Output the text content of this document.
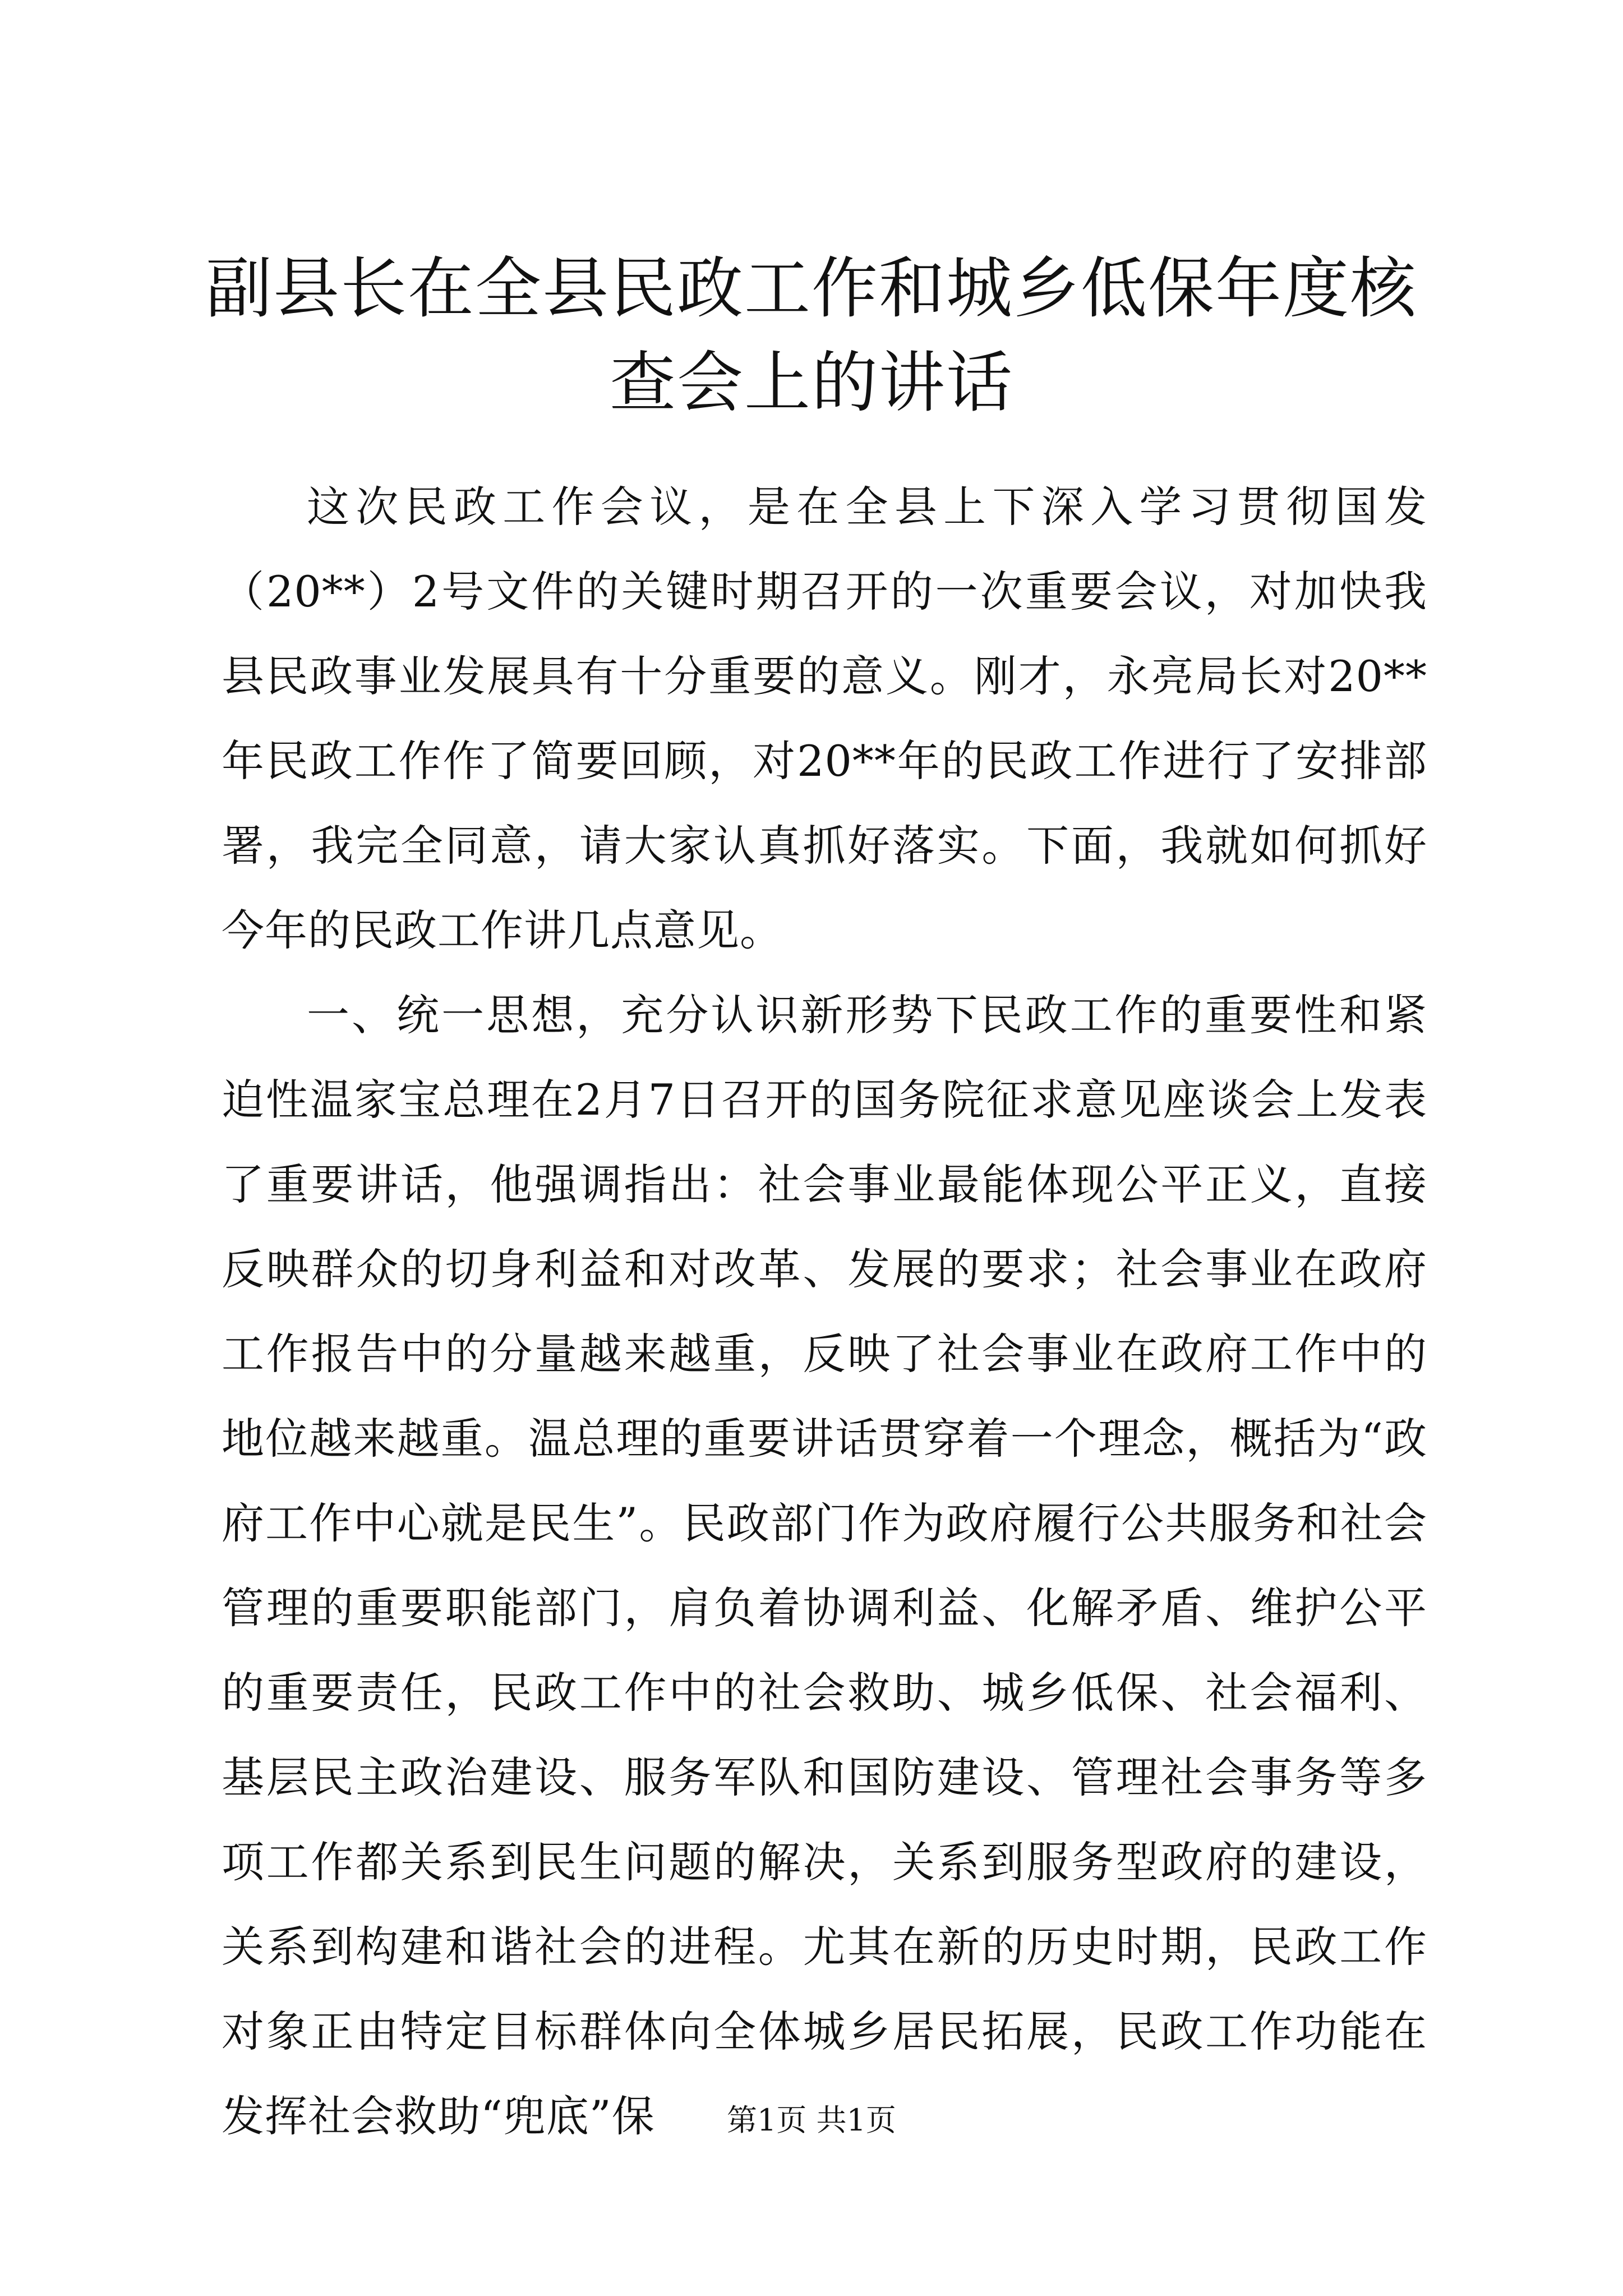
副县长在全县民政工作和城乡低保年度核查会上的讲话

这次民政工作会议，是在全县上下深入学习贯彻国发（20**）2号文件的关键时期召开的一次重要会议，对加快我县民政事业发展具有十分重要的意义。刚才，永亮局长对20**年民政工作作了简要回顾，对20**年的民政工作进行了安排部署，我完全同意，请大家认真抓好落实。下面，我就如何抓好今年的民政工作讲几点意见。

一、统一思想，充分认识新形势下民政工作的重要性和紧迫性温家宝总理在2月7日召开的国务院征求意见座谈会上发表了重要讲话，他强调指出：社会事业最能体现公平正义，直接反映群众的切身利益和对改革、发展的要求；社会事业在政府工作报告中的分量越来越重，反映了社会事业在政府工作中的地位越来越重。温总理的重要讲话贯穿着一个理念，概括为“政府工作中心就是民生”。民政部门作为政府履行公共服务和社会管理的重要职能部门，肩负着协调利益、化解矛盾、维护公平的重要责任，民政工作中的社会救助、城乡低保、社会福利、基层民主政治建设、服务军队和国防建设、管理社会事务等多项工作都关系到民生问题的解决，关系到服务型政府的建设，关系到构建和谐社会的进程。尤其在新的历史时期，民政工作对象正由特定目标群体向全体城乡居民拓展，民政工作功能在发挥社会救助“兜底”保	第1页 共1页
